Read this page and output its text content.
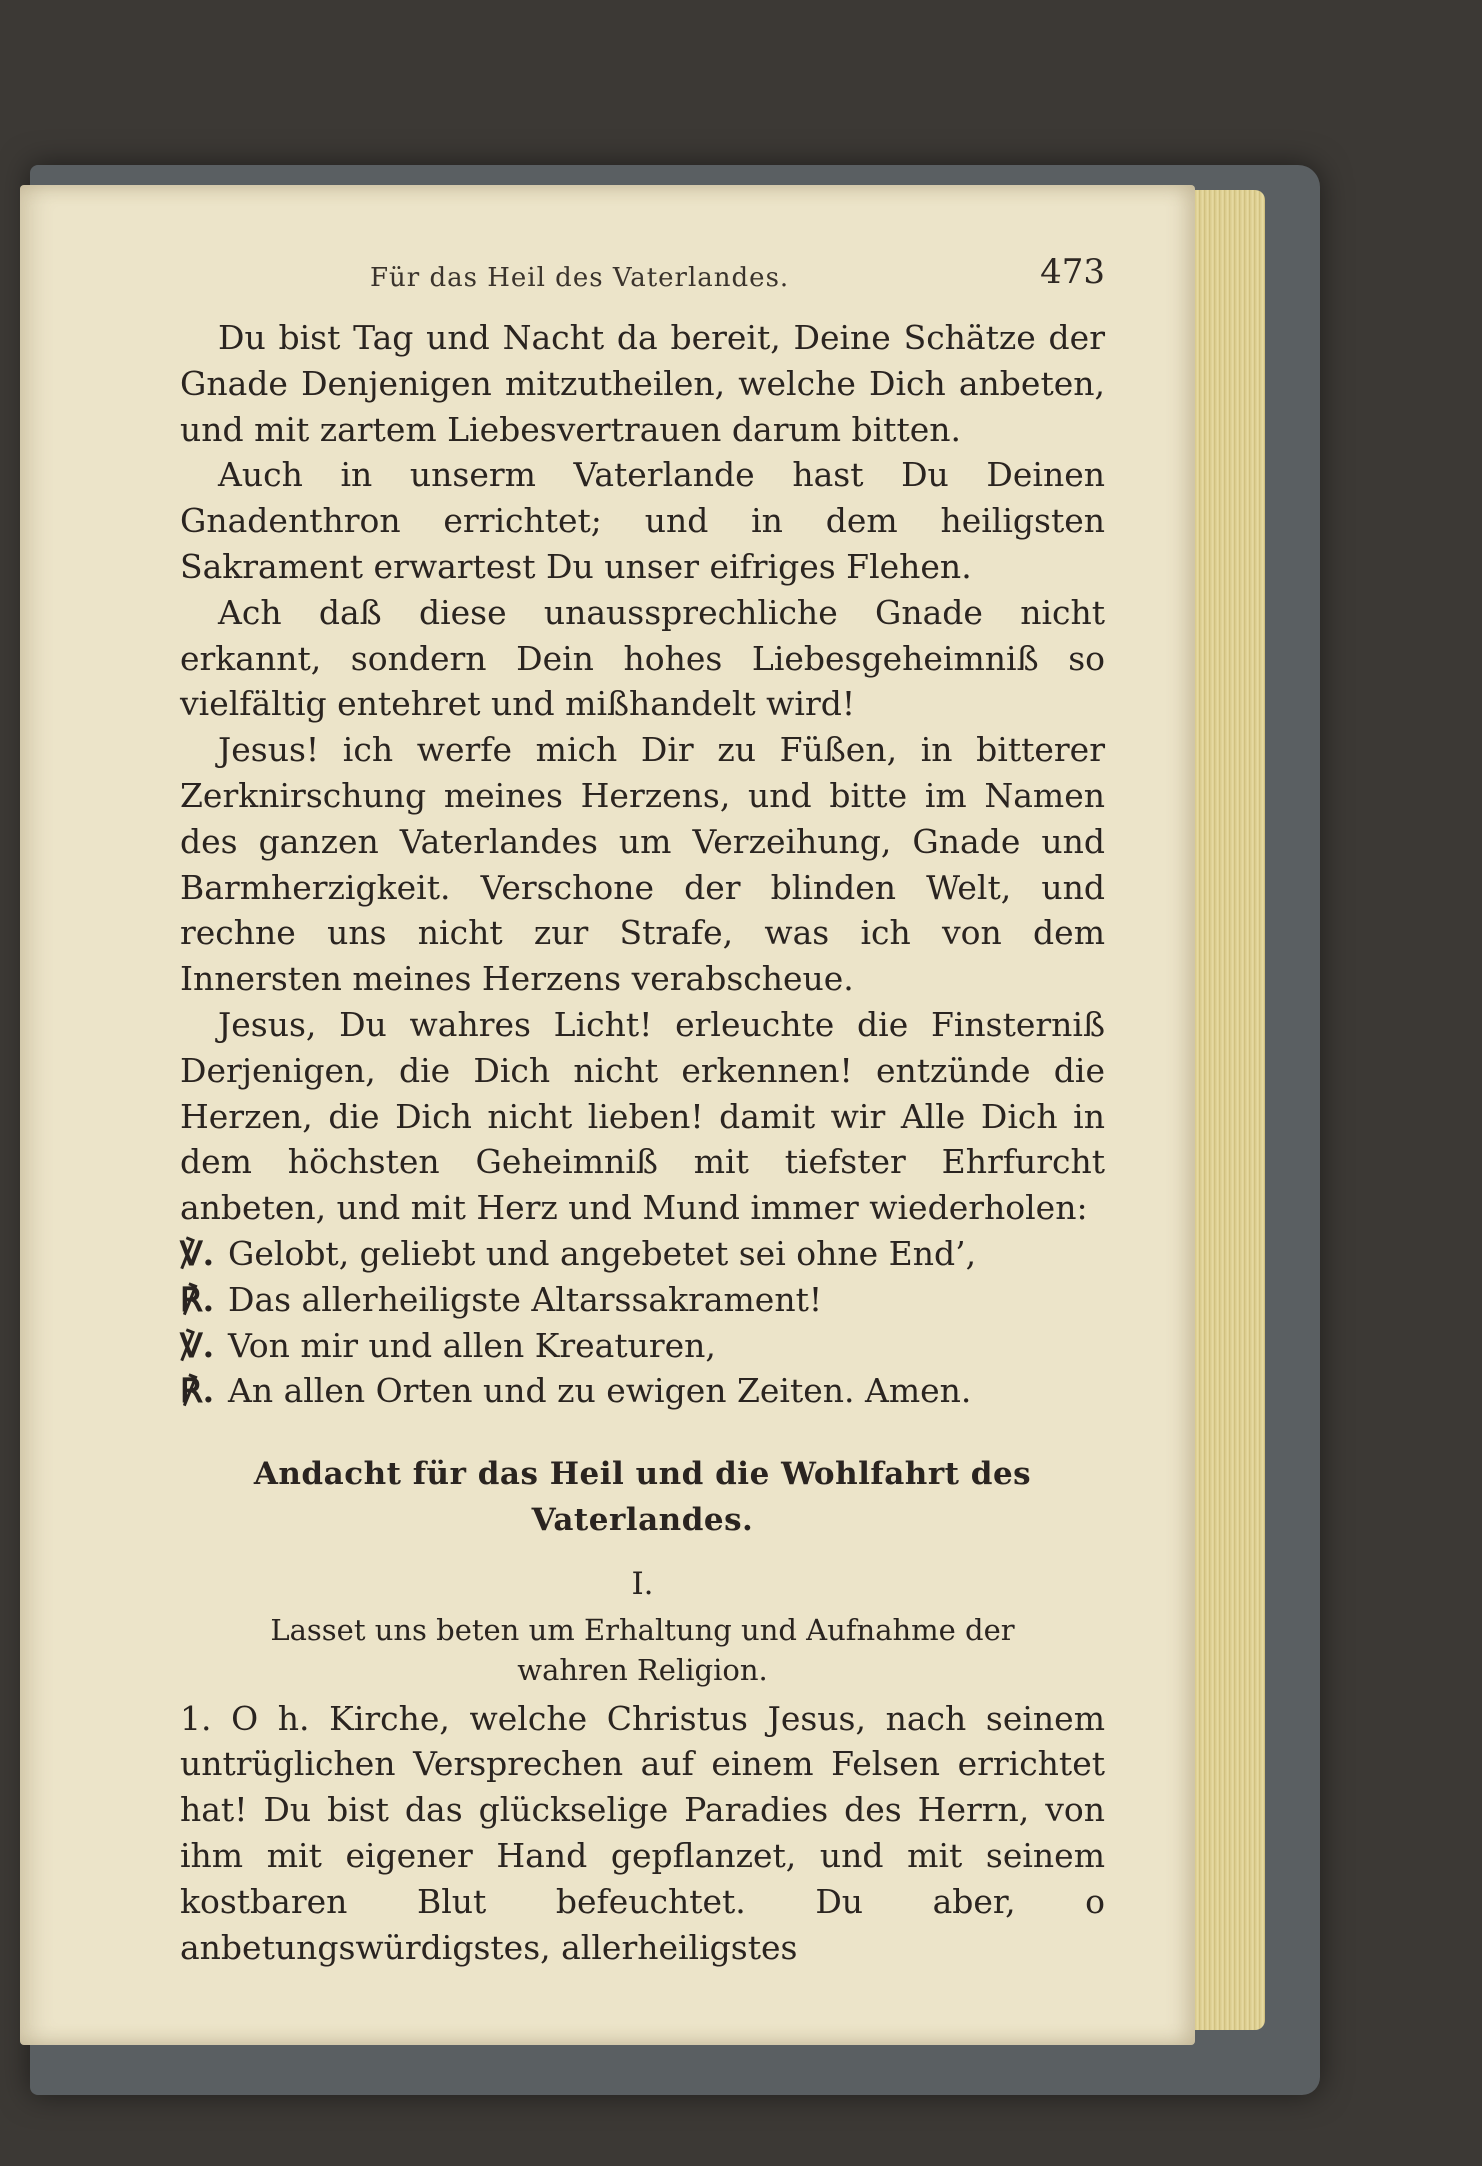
Für das Heil des Vaterlandes.	473

Du bist Tag und Nacht da bereit, Deine Schätze der Gnade Denjenigen mitzutheilen, welche Dich anbeten, und mit zartem Liebesvertrauen darum bitten.

Auch in unserm Vaterlande hast Du Deinen Gnadenthron errichtet; und in dem heiligsten Sakrament erwartest Du unser eifriges Flehen.

Ach daß diese unaussprechliche Gnade nicht erkannt, sondern Dein hohes Liebesgeheimniß so vielfältig entehret und mißhandelt wird!

Jesus! ich werfe mich Dir zu Füßen, in bitterer Zerknirschung meines Herzens, und bitte im Namen des ganzen Vaterlandes um Verzeihung, Gnade und Barmherzigkeit. Verschone der blinden Welt, und rechne uns nicht zur Strafe, was ich von dem Innersten meines Herzens verabscheue.

Jesus, Du wahres Licht! erleuchte die Finsterniß Derjenigen, die Dich nicht erkennen! entzünde die Herzen, die Dich nicht lieben! damit wir Alle Dich in dem höchsten Geheimniß mit tiefster Ehrfurcht anbeten, und mit Herz und Mund immer wiederholen:

℣. Gelobt, geliebt und angebetet sei ohne End’,

℟. Das allerheiligste Altarssakrament!

℣. Von mir und allen Kreaturen,

℟. An allen Orten und zu ewigen Zeiten. Amen.

Andacht für das Heil und die Wohlfahrt des Vaterlandes.

I.

Lasset uns beten um Erhaltung und Aufnahme der wahren Religion.

1. O h. Kirche, welche Christus Jesus, nach seinem untrüglichen Versprechen auf einem Felsen errichtet hat! Du bist das glückselige Paradies des Herrn, von ihm mit eigener Hand gepflanzet, und mit seinem kostbaren Blut befeuchtet. Du aber, o anbetungswürdigstes, allerheiligstes
